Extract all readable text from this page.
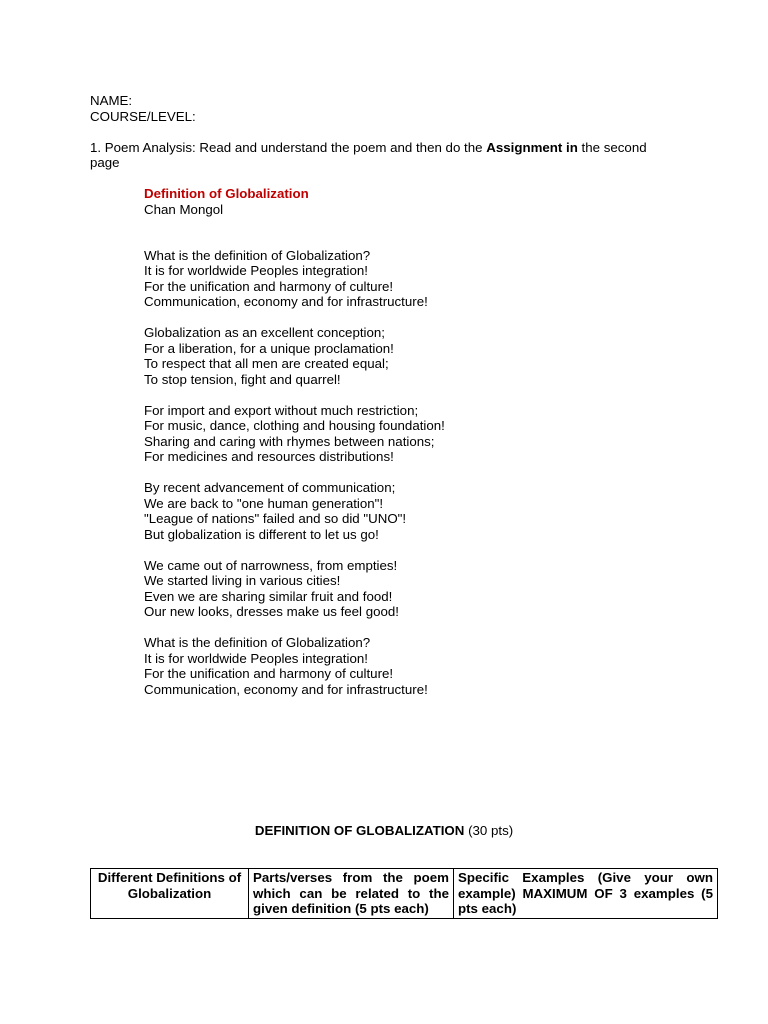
NAME:
COURSE/LEVEL:
1. Poem Analysis: Read and understand the poem and then do the Assignment in the second
page
Definition of Globalization
Chan Mongol
What is the definition of Globalization?
It is for worldwide Peoples integration!
For the unification and harmony of culture!
Communication, economy and for infrastructure!
Globalization as an excellent conception;
For a liberation, for a unique proclamation!
To respect that all men are created equal;
To stop tension, fight and quarrel!
For import and export without much restriction;
For music, dance, clothing and housing foundation!
Sharing and caring with rhymes between nations;
For medicines and resources distributions!
By recent advancement of communication;
We are back to "one human generation"!
"League of nations" failed and so did "UNO"!
But globalization is different to let us go!
We came out of narrowness, from empties!
We started living in various cities!
Even we are sharing similar fruit and food!
Our new looks, dresses make us feel good!
What is the definition of Globalization?
It is for worldwide Peoples integration!
For the unification and harmony of culture!
Communication, economy and for infrastructure!
DEFINITION OF GLOBALIZATION (30 pts)
Different Definitions of Globalization	Parts/verses from the poem which can be related to the given definition (5 pts each)	Specific Examples (Give your own example) MAXIMUM OF 3 examples (5 pts each)
